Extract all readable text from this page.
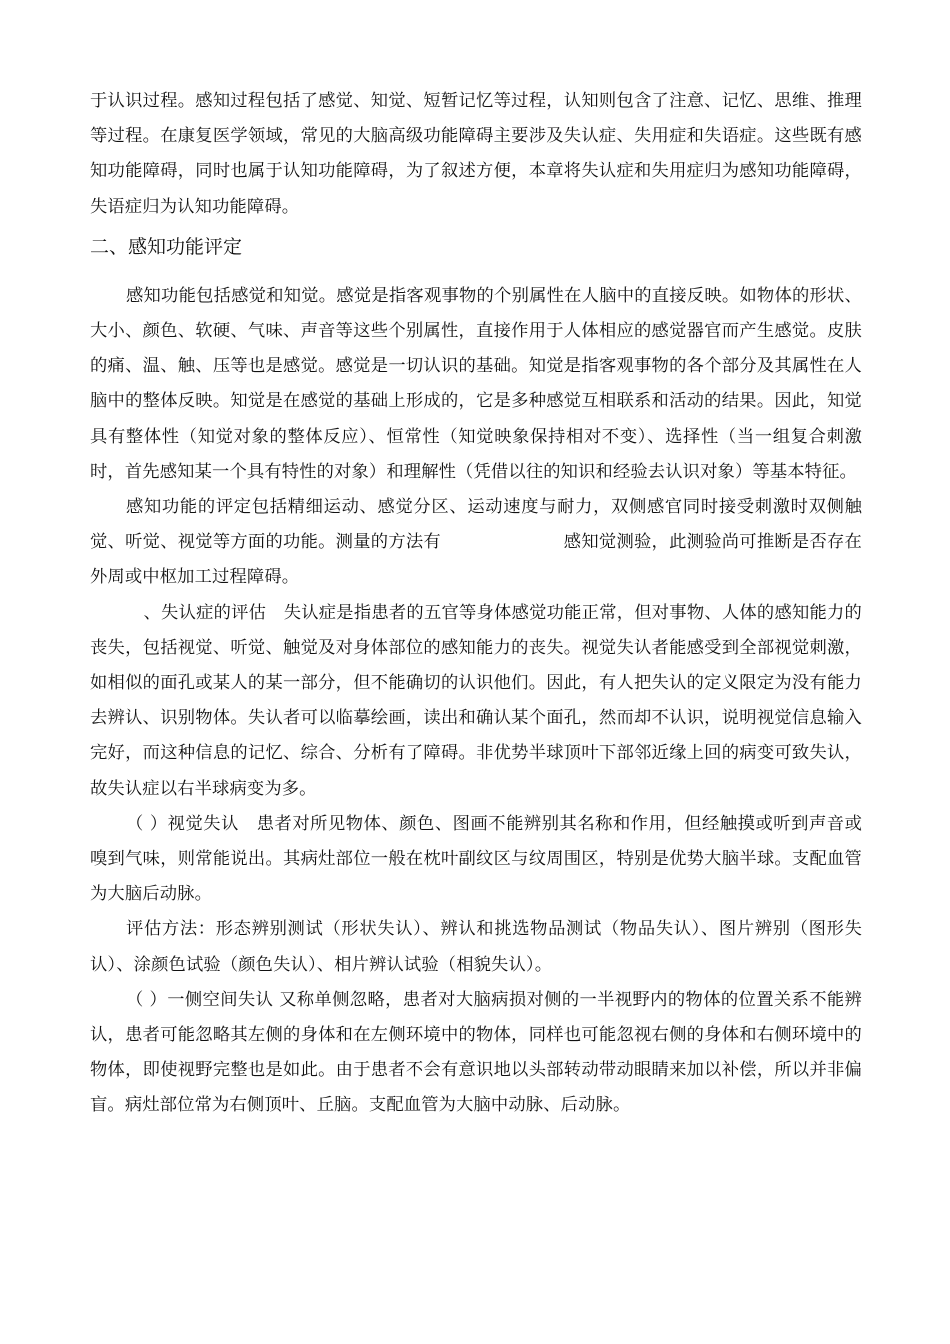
于认识过程。感知过程包括了感觉、知觉、短暂记忆等过程，认知则包含了注意、记忆、思维、推理等过程。在康复医学领域，常见的大脑高级功能障碍主要涉及失认症、失用症和失语症。这些既有感知功能障碍，同时也属于认知功能障碍，为了叙述方便，本章将失认症和失用症归为感知功能障碍，失语症归为认知功能障碍。

二、感知功能评定

感知功能包括感觉和知觉。感觉是指客观事物的个别属性在人脑中的直接反映。如物体的形状、大小、颜色、软硬、气味、声音等这些个别属性，直接作用于人体相应的感觉器官而产生感觉。皮肤的痛、温、触、压等也是感觉。感觉是一切认识的基础。知觉是指客观事物的各个部分及其属性在人脑中的整体反映。知觉是在感觉的基础上形成的，它是多种感觉互相联系和活动的结果。因此，知觉具有整体性（知觉对象的整体反应）、恒常性（知觉映象保持相对不变）、选择性（当一组复合刺激时，首先感知某一个具有特性的对象）和理解性（凭借以往的知识和经验去认识对象）等基本特征。

感知功能的评定包括精细运动、感觉分区、运动速度与耐力，双侧感官同时接受刺激时双侧触觉、听觉、视觉等方面的功能。测量的方法有　　　　　　　感知觉测验，此测验尚可推断是否存在外周或中枢加工过程障碍。

　、失认症的评估　失认症是指患者的五官等身体感觉功能正常，但对事物、人体的感知能力的丧失，包括视觉、听觉、触觉及对身体部位的感知能力的丧失。视觉失认者能感受到全部视觉刺激，如相似的面孔或某人的某一部分，但不能确切的认识他们。因此，有人把失认的定义限定为没有能力去辨认、识别物体。失认者可以临摹绘画，读出和确认某个面孔，然而却不认识，说明视觉信息输入完好，而这种信息的记忆、综合、分析有了障碍。非优势半球顶叶下部邻近缘上回的病变可致失认，故失认症以右半球病变为多。

（ ）视觉失认　患者对所见物体、颜色、图画不能辨别其名称和作用，但经触摸或听到声音或嗅到气味，则常能说出。其病灶部位一般在枕叶副纹区与纹周围区，特别是优势大脑半球。支配血管为大脑后动脉。

评估方法：形态辨别测试（形状失认）、辨认和挑选物品测试（物品失认）、图片辨别（图形失认）、涂颜色试验（颜色失认）、相片辨认试验（相貌失认）。

（ ）一侧空间失认 又称单侧忽略，患者对大脑病损对侧的一半视野内的物体的位置关系不能辨认，患者可能忽略其左侧的身体和在左侧环境中的物体，同样也可能忽视右侧的身体和右侧环境中的物体，即使视野完整也是如此。由于患者不会有意识地以头部转动带动眼睛来加以补偿，所以并非偏盲。病灶部位常为右侧顶叶、丘脑。支配血管为大脑中动脉、后动脉。
